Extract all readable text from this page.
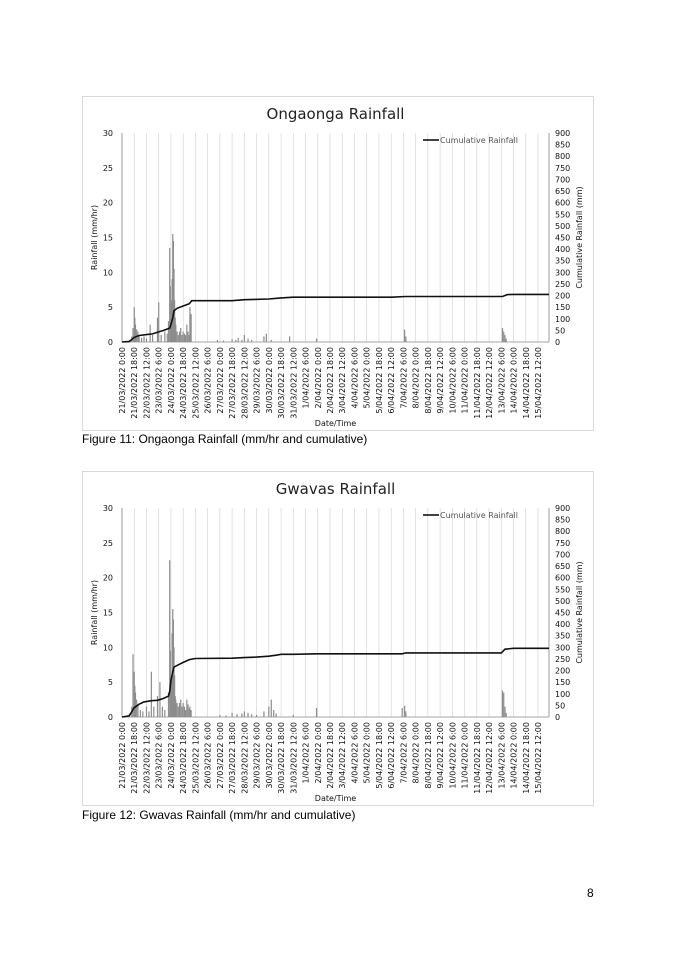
Ongaonga Rainfall
0
5
10
15
20
25
30
0
50
100
150
200
250
300
350
400
450
500
550
600
650
700
750
800
850
900
21/03/2022 0:00 21/03/2022 18:00 22/03/2022 12:00 23/03/2022 6:00 24/03/2022 0:00 24/03/2022 18:00 25/03/2022 12:00 26/03/2022 6:00 27/03/2022 0:00 27/03/2022 18:00 28/03/2022 12:00 29/03/2022 6:00 30/03/2022 0:00 30/03/2022 18:00 31/03/2022 12:00 1/04/2022 6:00 2/04/2022 0:00 2/04/2022 18:00 3/04/2022 12:00 4/04/2022 6:00 5/04/2022 0:00 5/04/2022 18:00 6/04/2022 12:00 7/04/2022 6:00 8/04/2022 0:00 8/04/2022 18:00 9/04/2022 12:00 10/04/2022 6:00 11/04/2022 0:00 11/04/2022 18:00 12/04/2022 12:00 13/04/2022 6:00 14/04/2022 0:00 14/04/2022 18:00 15/04/2022 12:00
Date/Time
Rainfall (mm/hr)	Cumulative Rainfall (mm)
Cumulative Rainfall
Figure 11: Ongaonga Rainfall (mm/hr and cumulative)
Gwavas Rainfall
0
5
10
15
20
25
30
0
50
100
150
200
250
300
350
400
450
500
550
600
650
700
750
800
850
900
21/03/2022 0:00 21/03/2022 18:00 22/03/2022 12:00 23/03/2022 6:00 24/03/2022 0:00 24/03/2022 18:00 25/03/2022 12:00 26/03/2022 6:00 27/03/2022 0:00 27/03/2022 18:00 28/03/2022 12:00 29/03/2022 6:00 30/03/2022 0:00 30/03/2022 18:00 31/03/2022 12:00 1/04/2022 6:00 2/04/2022 0:00 2/04/2022 18:00 3/04/2022 12:00 4/04/2022 6:00 5/04/2022 0:00 5/04/2022 18:00 6/04/2022 12:00 7/04/2022 6:00 8/04/2022 0:00 8/04/2022 18:00 9/04/2022 12:00 10/04/2022 6:00 11/04/2022 0:00 11/04/2022 18:00 12/04/2022 12:00 13/04/2022 6:00 14/04/2022 0:00 14/04/2022 18:00 15/04/2022 12:00
Date/Time
Rainfall (mm/hr)	Cumulative Rainfall (mm)
Cumulative Rainfall
Figure 12: Gwavas Rainfall (mm/hr and cumulative)
8
